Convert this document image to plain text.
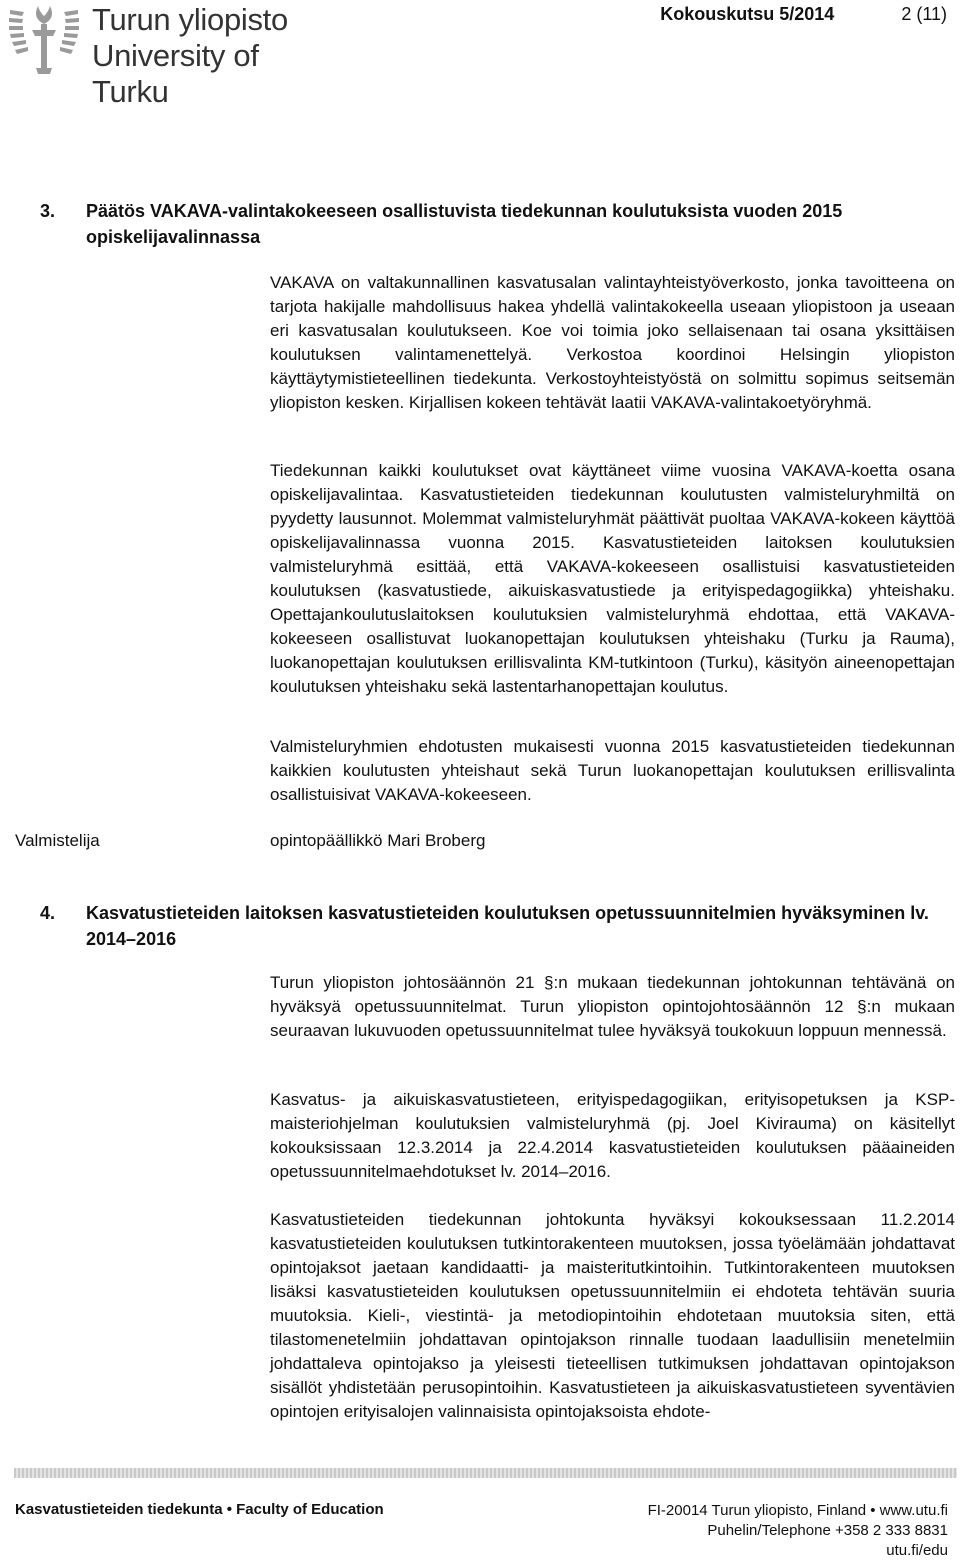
Turun yliopisto
University of Turku
Kokouskutsu 5/2014	2 (11)
3. Päätös VAKAVA-valintakokeeseen osallistuvista tiedekunnan koulutuksista vuoden 2015 opiskelijavalinnassa
VAKAVA on valtakunnallinen kasvatusalan valintayhteistyöverkosto, jonka tavoitteena on tarjota hakijalle mahdollisuus hakea yhdellä valintakokeella useaan yliopistoon ja useaan eri kasvatusalan koulutukseen. Koe voi toimia joko sellaisenaan tai osana yksittäisen koulutuksen valintamenettelyä. Verkostoa koordinoi Helsingin yliopiston käyttäytymistieteellinen tiedekunta. Verkostoyhteistyöstä on solmittu sopimus seitsemän yliopiston kesken. Kirjallisen kokeen tehtävät laatii VAKAVA-valintakoetyöryhmä.
Tiedekunnan kaikki koulutukset ovat käyttäneet viime vuosina VAKAVA-koetta osana opiskelijavalintaa. Kasvatustieteiden tiedekunnan koulutusten valmisteluryhmiltä on pyydetty lausunnot. Molemmat valmisteluryhmät päättivät puoltaa VAKAVA-kokeen käyttöä opiskelijavalinnassa vuonna 2015. Kasvatustieteiden laitoksen koulutuksien valmisteluryhmä esittää, että VAKAVA-kokeeseen osallistuisi kasvatustieteiden koulutuksen (kasvatustiede, aikuiskasvatustiede ja erityispedagogiikka) yhteishaku. Opettajankoulutuslaitoksen koulutuksien valmisteluryhmä ehdottaa, että VAKAVA-kokeeseen osallistuvat luokanopettajan koulutuksen yhteishaku (Turku ja Rauma), luokanopettajan koulutuksen erillisvalinta KM-tutkintoon (Turku), käsityön aineenopettajan koulutuksen yhteishaku sekä lastentarhanopettajan koulutus.
Valmisteluryhmien ehdotusten mukaisesti vuonna 2015 kasvatustieteiden tiedekunnan kaikkien koulutusten yhteishaut sekä Turun luokanopettajan koulutuksen erillisvalinta osallistuisivat VAKAVA-kokeeseen.
Valmistelija	opintopäällikkö Mari Broberg
4. Kasvatustieteiden laitoksen kasvatustieteiden koulutuksen opetussuunnitelmien hyväksyminen lv. 2014–2016
Turun yliopiston johtosäännön 21 §:n mukaan tiedekunnan johtokunnan tehtävänä on hyväksyä opetussuunnitelmat. Turun yliopiston opintojohtosäännön 12 §:n mukaan seuraavan lukuvuoden opetussuunnitelmat tulee hyväksyä toukokuun loppuun mennessä.
Kasvatus- ja aikuiskasvatustieteen, erityispedagogiikan, erityisopetuksen ja KSP-maisteriohjelman koulutuksien valmisteluryhmä (pj. Joel Kivirauma) on käsitellyt kokouksissaan 12.3.2014 ja 22.4.2014 kasvatustieteiden koulutuksen pääaineiden opetussuunnitelmaehdotukset lv. 2014–2016.
Kasvatustieteiden tiedekunnan johtokunta hyväksyi kokouksessaan 11.2.2014 kasvatustieteiden koulutuksen tutkintorakenteen muutoksen, jossa työelämään johdattavat opintojaksot jaetaan kandidaatti- ja maisteritutkintoihin. Tutkintorakenteen muutoksen lisäksi kasvatustieteiden koulutuksen opetussuunnitelmiin ei ehdoteta tehtävän suuria muutoksia. Kieli-, viestintä- ja metodiopintoihin ehdotetaan muutoksia siten, että tilastomenetelmiin johdattavan opintojakson rinnalle tuodaan laadullisiin menetelmiin johdattaleva opintojakso ja yleisesti tieteellisen tutkimuksen johdattavan opintojakson sisällöt yhdistetään perusopintoihin. Kasvatustieteen ja aikuiskasvatustieteen syventävien opintojen erityisalojen valinnaisista opintojaksoista ehdote-
Kasvatustieteiden tiedekunta • Faculty of Education	FI-20014 Turun yliopisto, Finland • www.utu.fi
Puhelin/Telephone +358 2 333 8831
utu.fi/edu
